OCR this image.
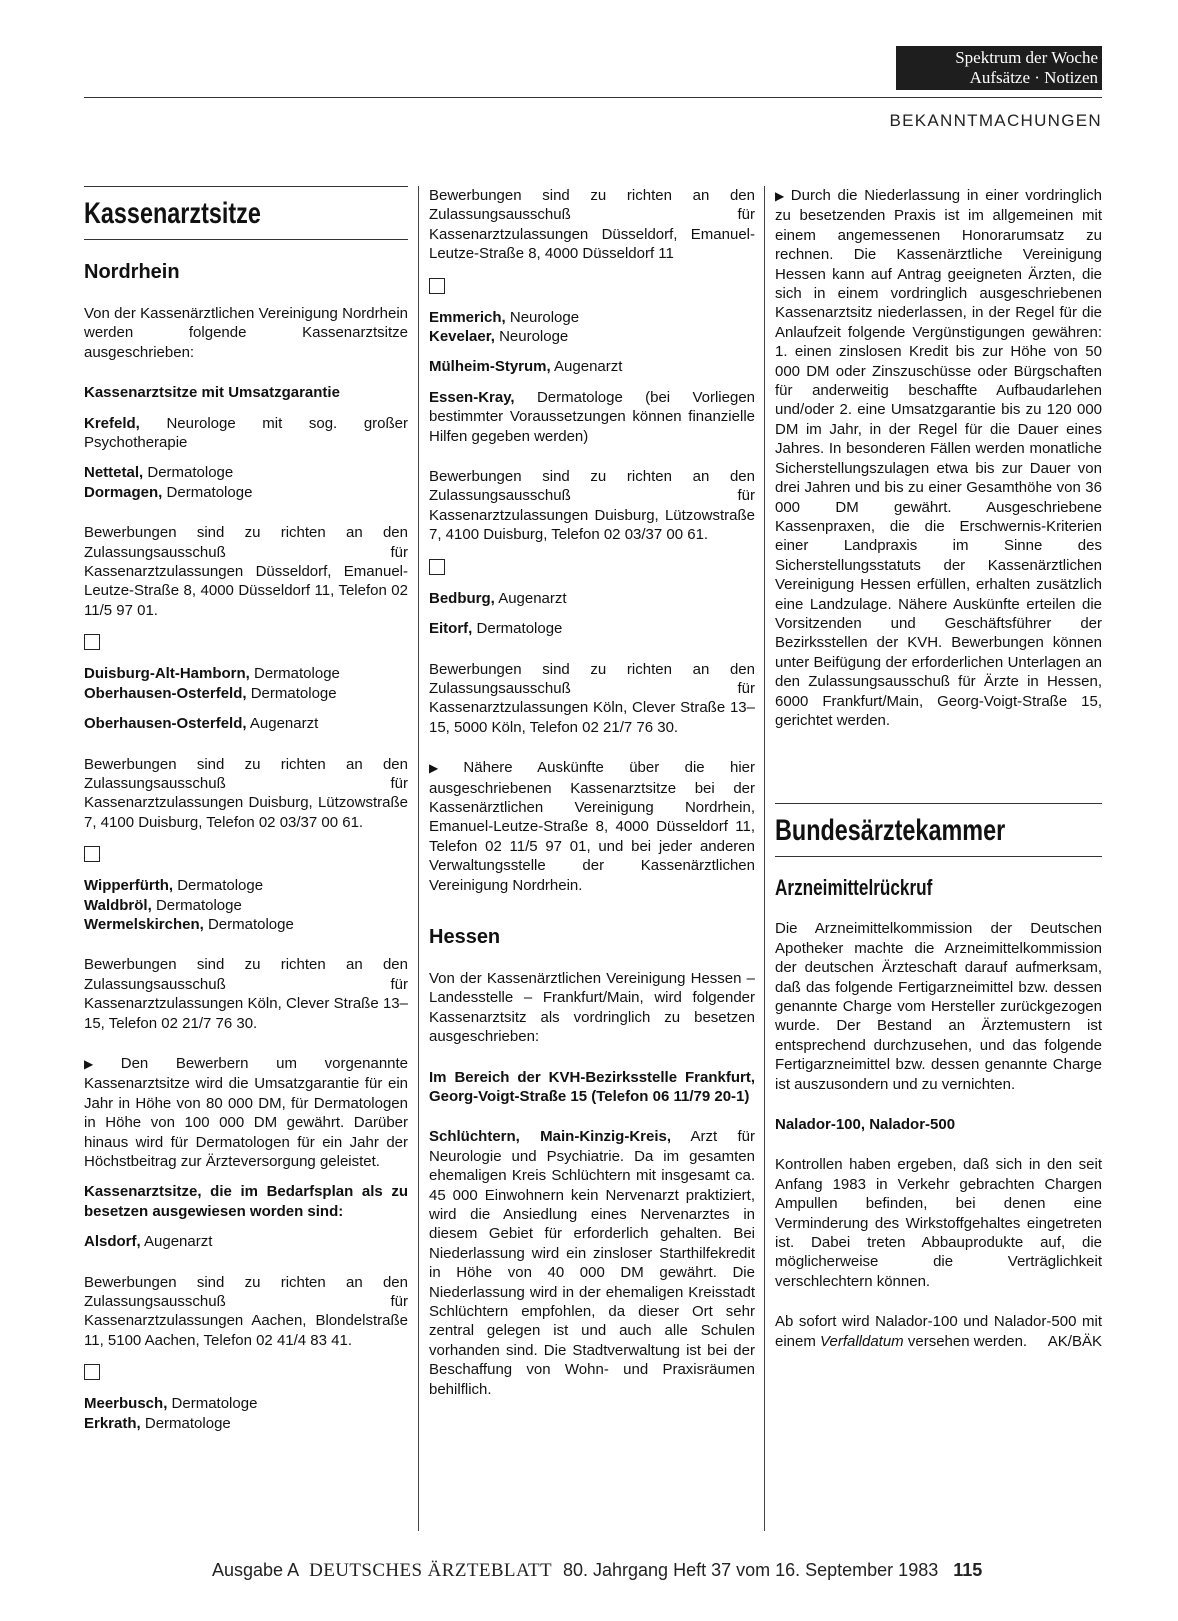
Spektrum der Woche
Aufsätze · Notizen
BEKANNTMACHUNGEN
Kassenarztsitze
Nordrhein

Von der Kassenärztlichen Vereinigung Nordrhein werden folgende Kassenarztsitze ausgeschrieben:

Kassenarztsitze mit Umsatzgarantie

Krefeld, Neurologe mit sog. großer Psychotherapie

Nettetal, Dermatologe
Dormagen, Dermatologe

Bewerbungen sind zu richten an den Zulassungsausschuß für Kassenarztzulassungen Düsseldorf, Emanuel-Leutze-Straße 8, 4000 Düsseldorf 11, Telefon 02 11/5 97 01.

Duisburg-Alt-Hamborn, Dermatologe
Oberhausen-Osterfeld, Dermatologe

Oberhausen-Osterfeld, Augenarzt

Bewerbungen sind zu richten an den Zulassungsausschuß für Kassenarztzulassungen Duisburg, Lützowstraße 7, 4100 Duisburg, Telefon 02 03/37 00 61.

Wipperfürth, Dermatologe
Waldbröl, Dermatologe
Wermelskirchen, Dermatologe

Bewerbungen sind zu richten an den Zulassungsausschuß für Kassenarztzulassungen Köln, Clever Straße 13–15, Telefon 02 21/7 76 30.

▶ Den Bewerbern um vorgenannte Kassenarztsitze wird die Umsatzgarantie für ein Jahr in Höhe von 80 000 DM, für Dermatologen in Höhe von 100 000 DM gewährt. Darüber hinaus wird für Dermatologen für ein Jahr der Höchstbeitrag zur Ärzteversorgung geleistet.

Kassenarztsitze, die im Bedarfsplan als zu besetzen ausgewiesen worden sind:

Alsdorf, Augenarzt

Bewerbungen sind zu richten an den Zulassungsausschuß für Kassenarztzulassungen Aachen, Blondelstraße 11, 5100 Aachen, Telefon 02 41/4 83 41.

Meerbusch, Dermatologe
Erkrath, Dermatologe

Bewerbungen sind zu richten an den Zulassungsausschuß für Kassenarztzulassungen Düsseldorf, Emanuel-Leutze-Straße 8, 4000 Düsseldorf 11

Emmerich, Neurologe
Kevelaer, Neurologe

Mülheim-Styrum, Augenarzt

Essen-Kray, Dermatologe (bei Vorliegen bestimmter Voraussetzungen können finanzielle Hilfen gegeben werden)

Bewerbungen sind zu richten an den Zulassungsausschuß für Kassenarztzulassungen Duisburg, Lützowstraße 7, 4100 Duisburg, Telefon 02 03/37 00 61.

Bedburg, Augenarzt

Eitorf, Dermatologe

Bewerbungen sind zu richten an den Zulassungsausschuß für Kassenarztzulassungen Köln, Clever Straße 13–15, 5000 Köln, Telefon 02 21/7 76 30.

▶ Nähere Auskünfte über die hier ausgeschriebenen Kassenarztsitze bei der Kassenärztlichen Vereinigung Nordrhein, Emanuel-Leutze-Straße 8, 4000 Düsseldorf 11, Telefon 02 11/5 97 01, und bei jeder anderen Verwaltungsstelle der Kassenärztlichen Vereinigung Nordrhein.

Hessen

Von der Kassenärztlichen Vereinigung Hessen – Landesstelle – Frankfurt/Main, wird folgender Kassenarztsitz als vordringlich zu besetzen ausgeschrieben:

Im Bereich der KVH-Bezirksstelle Frankfurt, Georg-Voigt-Straße 15 (Telefon 06 11/79 20-1)

Schlüchtern, Main-Kinzig-Kreis, Arzt für Neurologie und Psychiatrie. Da im gesamten ehemaligen Kreis Schlüchtern mit insgesamt ca. 45 000 Einwohnern kein Nervenarzt praktiziert, wird die Ansiedlung eines Nervenarztes in diesem Gebiet für erforderlich gehalten. Bei Niederlassung wird ein zinsloser Starthilfekredit in Höhe von 40 000 DM gewährt. Die Niederlassung wird in der ehemaligen Kreisstadt Schlüchtern empfohlen, da dieser Ort sehr zentral gelegen ist und auch alle Schulen vorhanden sind. Die Stadtverwaltung ist bei der Beschaffung von Wohn- und Praxisräumen behilflich.

▶ Durch die Niederlassung in einer vordringlich zu besetzenden Praxis ist im allgemeinen mit einem angemessenen Honorarumsatz zu rechnen. Die Kassenärztliche Vereinigung Hessen kann auf Antrag geeigneten Ärzten, die sich in einem vordringlich ausgeschriebenen Kassenarztsitz niederlassen, in der Regel für die Anlaufzeit folgende Vergünstigungen gewähren: 1. einen zinslosen Kredit bis zur Höhe von 50 000 DM oder Zinszuschüsse oder Bürgschaften für anderweitig beschaffte Aufbaudarlehen und/oder 2. eine Umsatzgarantie bis zu 120 000 DM im Jahr, in der Regel für die Dauer eines Jahres. In besonderen Fällen werden monatliche Sicherstellungszulagen etwa bis zur Dauer von drei Jahren und bis zu einer Gesamthöhe von 36 000 DM gewährt. Ausgeschriebene Kassenpraxen, die die Erschwernis-Kriterien einer Landpraxis im Sinne des Sicherstellungsstatuts der Kassenärztlichen Vereinigung Hessen erfüllen, erhalten zusätzlich eine Landzulage. Nähere Auskünfte erteilen die Vorsitzenden und Geschäftsführer der Bezirksstellen der KVH. Bewerbungen können unter Beifügung der erforderlichen Unterlagen an den Zulassungsausschuß für Ärzte in Hessen, 6000 Frankfurt/Main, Georg-Voigt-Straße 15, gerichtet werden.

Bundesärztekammer
Arzneimittelrückruf

Die Arzneimittelkommission der Deutschen Apotheker machte die Arzneimittelkommission der deutschen Ärzteschaft darauf aufmerksam, daß das folgende Fertigarzneimittel bzw. dessen genannte Charge vom Hersteller zurückgezogen wurde. Der Bestand an Ärztemustern ist entsprechend durchzusehen, und das folgende Fertigarzneimittel bzw. dessen genannte Charge ist auszusondern und zu vernichten.

Nalador-100, Nalador-500

Kontrollen haben ergeben, daß sich in den seit Anfang 1983 in Verkehr gebrachten Chargen Ampullen befinden, bei denen eine Verminderung des Wirkstoffgehaltes eingetreten ist. Dabei treten Abbauprodukte auf, die möglicherweise die Verträglichkeit verschlechtern können.

Ab sofort wird Nalador-100 und Nalador-500 mit einem Verfalldatum versehen werden. AK/BÄK

Ausgabe A DEUTSCHES ÄRZTEBLATT 80. Jahrgang Heft 37 vom 16. September 1983 115
